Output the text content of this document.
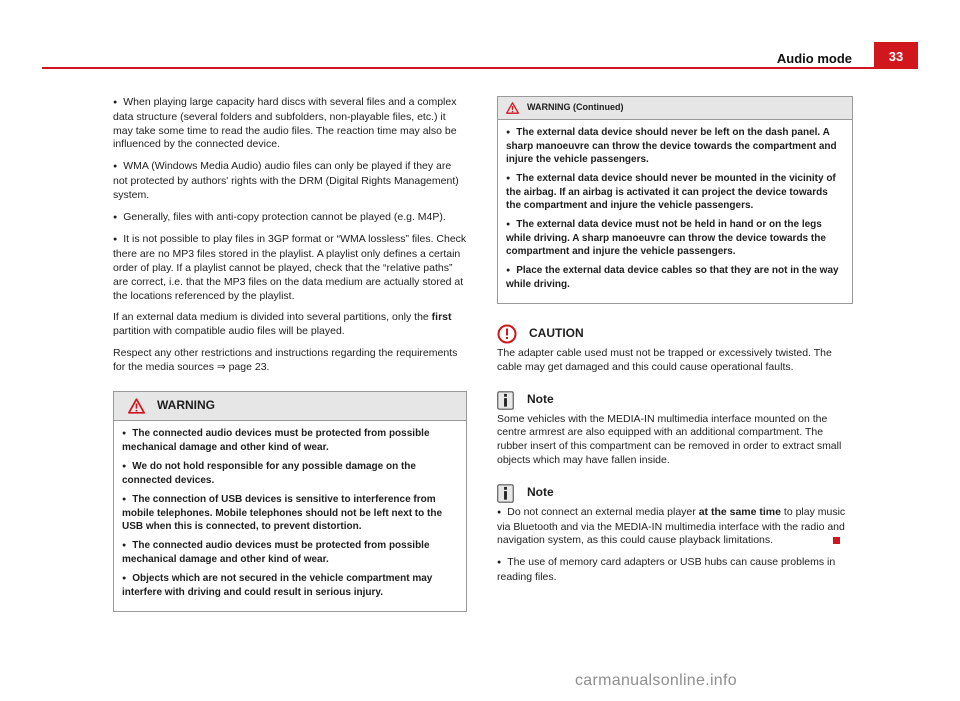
Audio mode	33

● When playing large capacity hard discs with several files and a complex data structure (several folders and subfolders, non-playable files, etc.) it may take some time to read the audio files. The reaction time may also be influenced by the connected device.

● WMA (Windows Media Audio) audio files can only be played if they are not protected by authors' rights with the DRM (Digital Rights Management) system.

● Generally, files with anti-copy protection cannot be played (e.g. M4P).

● It is not possible to play files in 3GP format or “WMA lossless” files. Check there are no MP3 files stored in the playlist. A playlist only defines a certain order of play. If a playlist cannot be played, check that the “relative paths” are correct, i.e. that the MP3 files on the data medium are actually stored at the locations referenced by the playlist.

If an external data medium is divided into several partitions, only the first partition with compatible audio files will be played.

Respect any other restrictions and instructions regarding the requirements for the media sources ⇒ page 23.

WARNING

● The connected audio devices must be protected from possible mechanical damage and other kind of wear.

● We do not hold responsible for any possible damage on the connected devices.

● The connection of USB devices is sensitive to interference from mobile telephones. Mobile telephones should not be left next to the USB when this is connected, to prevent distortion.

● The connected audio devices must be protected from possible mechanical damage and other kind of wear.

● Objects which are not secured in the vehicle compartment may interfere with driving and could result in serious injury.

WARNING (Continued)

● The external data device should never be left on the dash panel. A sharp manoeuvre can throw the device towards the compartment and injure the vehicle passengers.

● The external data device should never be mounted in the vicinity of the airbag. If an airbag is activated it can project the device towards the compartment and injure the vehicle passengers.

● The external data device must not be held in hand or on the legs while driving. A sharp manoeuvre can throw the device towards the compartment and injure the vehicle passengers.

● Place the external data device cables so that they are not in the way while driving.

CAUTION

The adapter cable used must not be trapped or excessively twisted. The cable may get damaged and this could cause operational faults.

Note

Some vehicles with the MEDIA-IN multimedia interface mounted on the centre armrest are also equipped with an additional compartment. The rubber insert of this compartment can be removed in order to extract small objects which may have fallen inside.

Note

● Do not connect an external media player at the same time to play music via Bluetooth and via the MEDIA-IN multimedia interface with the radio and navigation system, as this could cause playback limitations.

● The use of memory card adapters or USB hubs can cause problems in reading files.

carmanualsonline.info
